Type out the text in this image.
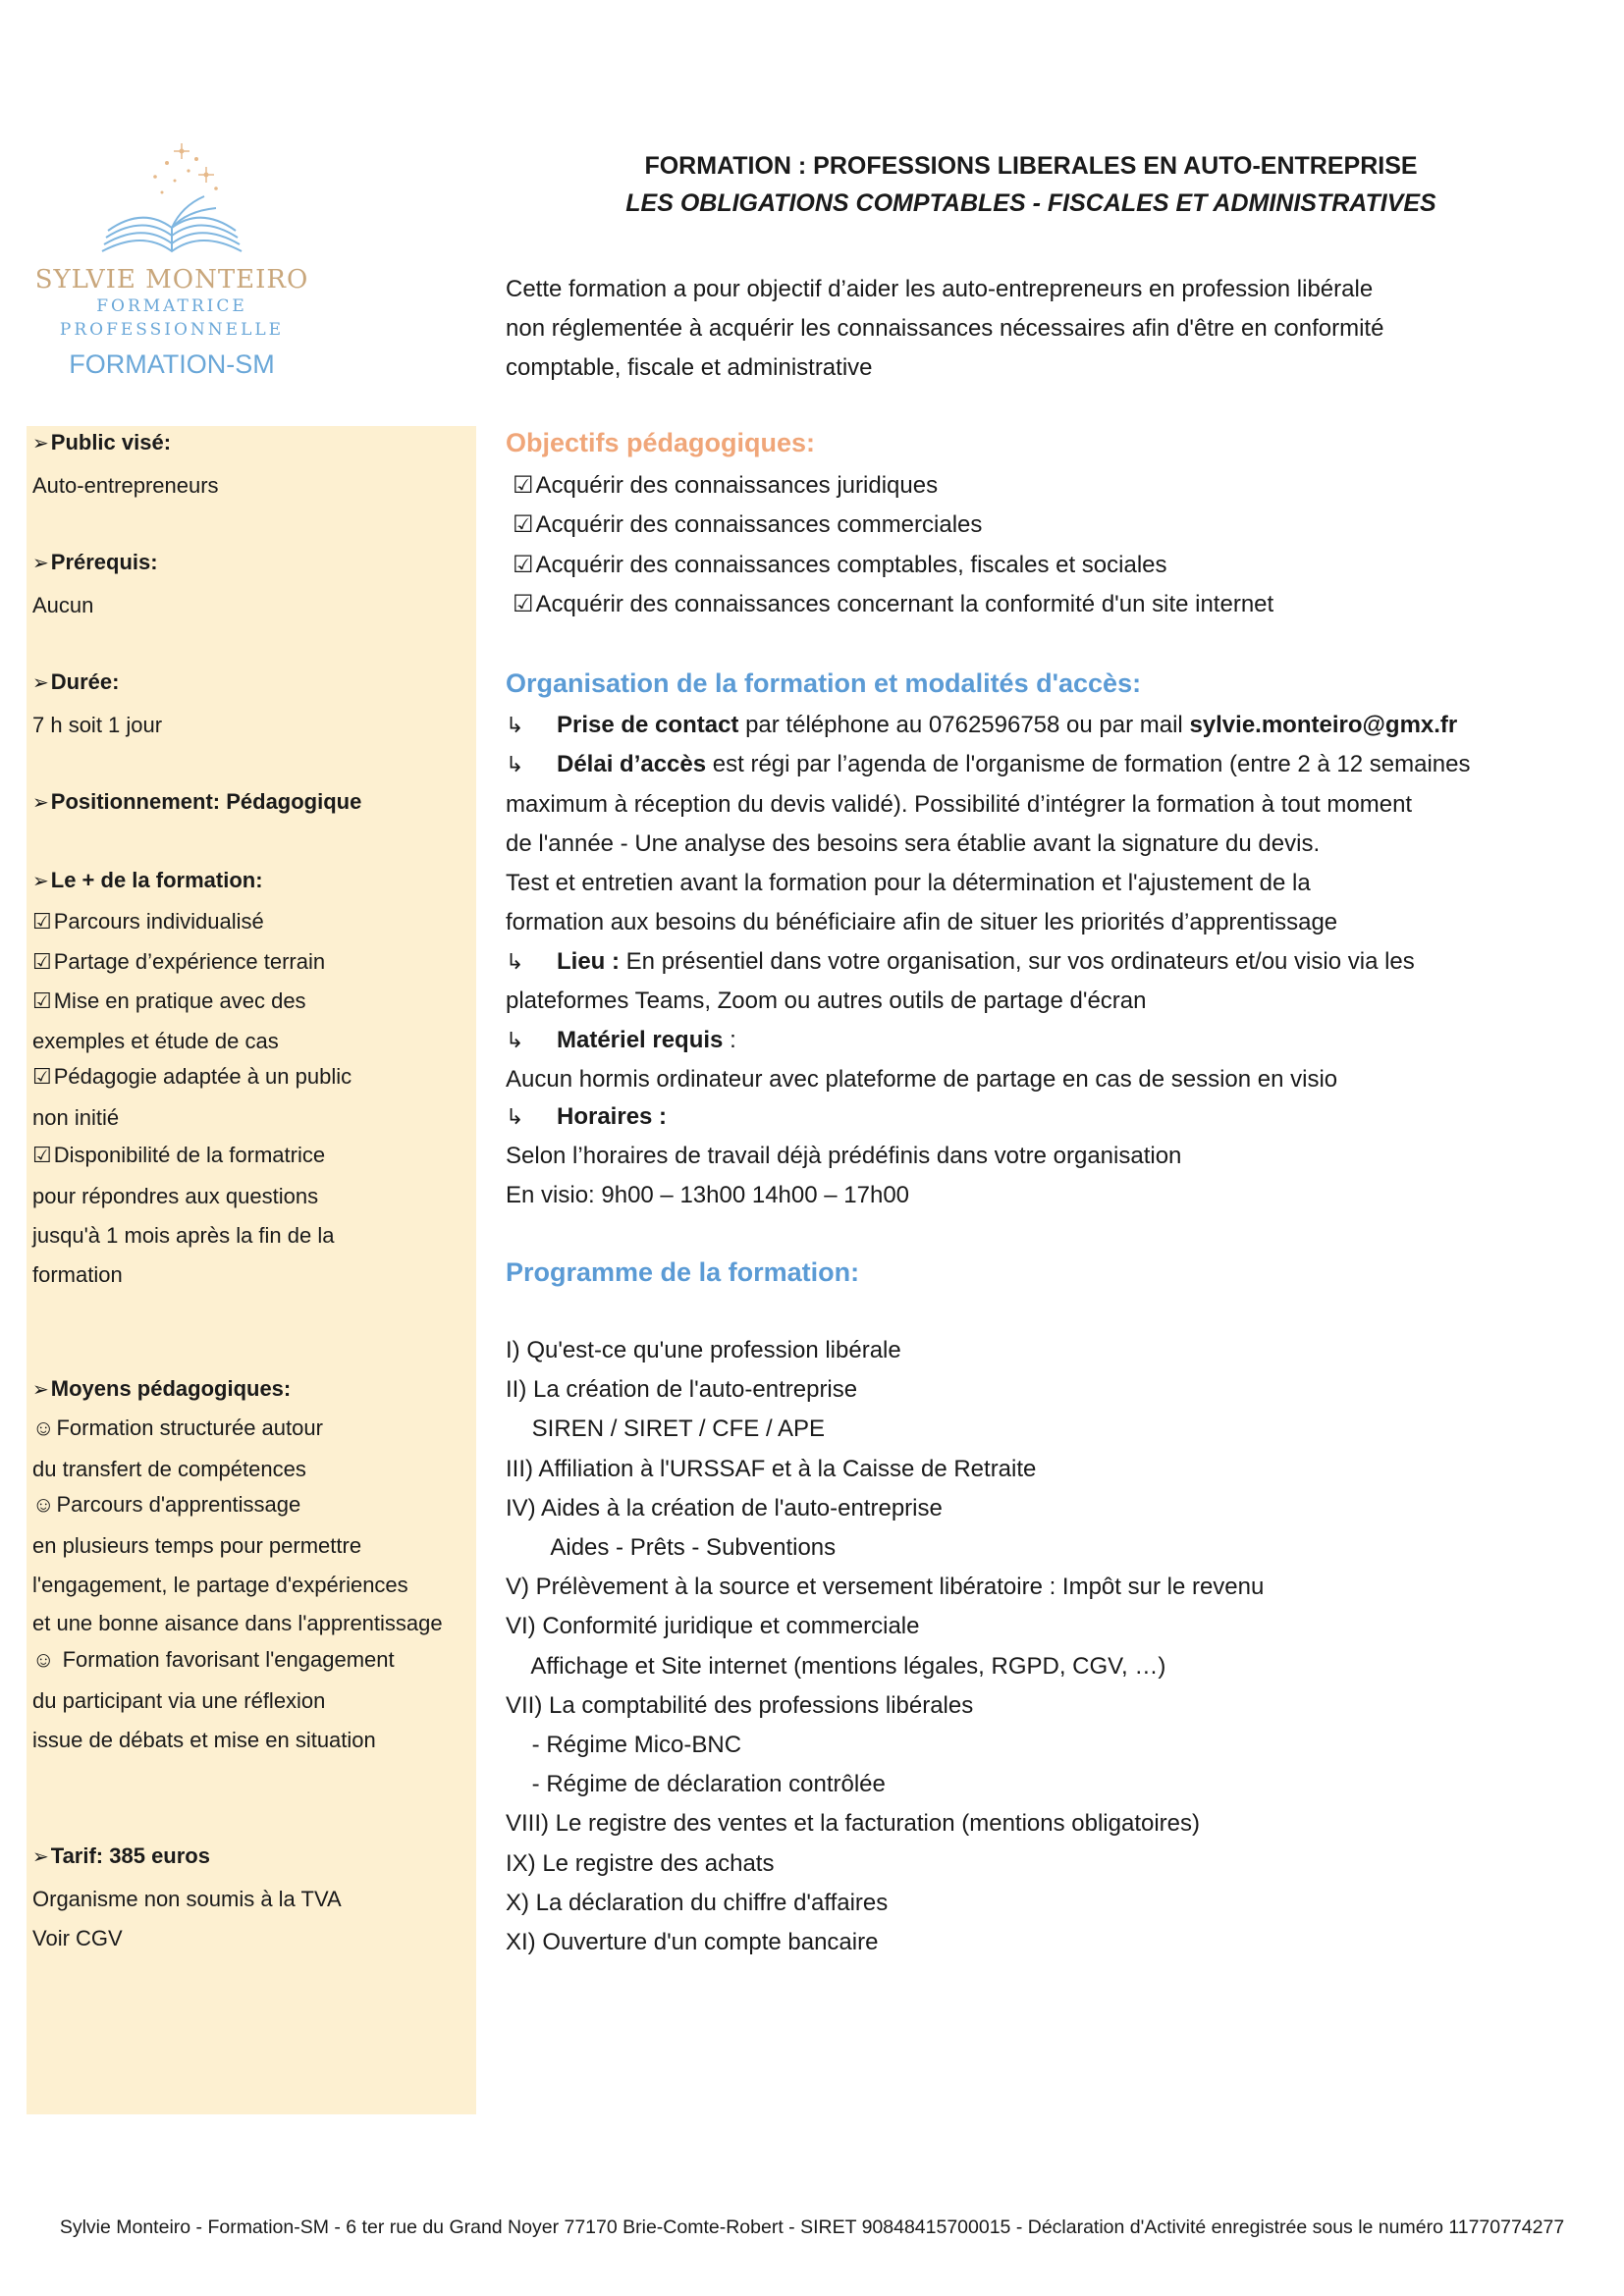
SYLVIE MONTEIRO
FORMATRICE
PROFESSIONNELLE
FORMATION-SM
FORMATION : PROFESSIONS LIBERALES EN AUTO-ENTREPRISE
LES OBLIGATIONS COMPTABLES - FISCALES ET ADMINISTRATIVES
Cette formation a pour objectif d’aider les auto-entrepreneurs en profession libérale
non réglementée à acquérir les connaissances nécessaires afin d'être en conformité
comptable, fiscale et administrative
➢ Public visé:
Auto-entrepreneurs
➢ Prérequis:
Aucun
➢ Durée:
7 h soit 1 jour
➢ Positionnement: Pédagogique
➢ Le + de la formation:
☑ Parcours individualisé
☑ Partage d’expérience terrain
☑ Mise en pratique avec des
exemples et étude de cas
☑ Pédagogie adaptée à un public
non initié
☑ Disponibilité de la formatrice
pour répondres aux questions
jusqu'à 1 mois après la fin de la
formation
➢ Moyens pédagogiques:
☺ Formation structurée autour
du transfert de compétences
☺ Parcours d'apprentissage
en plusieurs temps pour permettre
l'engagement, le partage d'expériences
et une bonne aisance dans l'apprentissage
☺ Formation favorisant l'engagement
du participant via une réflexion
issue de débats et mise en situation
➢ Tarif: 385 euros
Organisme non soumis à la TVA
Voir CGV
Objectifs pédagogiques:
☑ Acquérir des connaissances juridiques
☑ Acquérir des connaissances commerciales
☑ Acquérir des connaissances comptables, fiscales et sociales
☑ Acquérir des connaissances concernant la conformité d'un site internet
Organisation de la formation et modalités d'accès:
↳ Prise de contact par téléphone au 0762596758 ou par mail sylvie.monteiro@gmx.fr
↳ Délai d’accès est régi par l’agenda de l'organisme de formation (entre 2 à 12 semaines
maximum à réception du devis validé). Possibilité d’intégrer la formation à tout moment
de l'année - Une analyse des besoins sera établie avant la signature du devis.
Test et entretien avant la formation pour la détermination et l'ajustement de la
formation aux besoins du bénéficiaire afin de situer les priorités d’apprentissage
↳ Lieu : En présentiel dans votre organisation, sur vos ordinateurs et/ou visio via les
plateformes Teams, Zoom ou autres outils de partage d'écran
↳ Matériel requis :
Aucun hormis ordinateur avec plateforme de partage en cas de session en visio
↳ Horaires :
Selon l’horaires de travail déjà prédéfinis dans votre organisation
En visio: 9h00 – 13h00 14h00 – 17h00
Programme de la formation:
I) Qu'est-ce qu'une profession libérale
II) La création de l'auto-entreprise
SIREN / SIRET / CFE / APE
III) Affiliation à l'URSSAF et à la Caisse de Retraite
IV) Aides à la création de l'auto-entreprise
Aides - Prêts - Subventions
V) Prélèvement à la source et versement libératoire : Impôt sur le revenu
VI) Conformité juridique et commerciale
Affichage et Site internet (mentions légales, RGPD, CGV, …)
VII) La comptabilité des professions libérales
- Régime Mico-BNC
- Régime de déclaration contrôlée
VIII) Le registre des ventes et la facturation (mentions obligatoires)
IX) Le registre des achats
X) La déclaration du chiffre d'affaires
XI) Ouverture d'un compte bancaire
Sylvie Monteiro - Formation-SM - 6 ter rue du Grand Noyer 77170 Brie-Comte-Robert - SIRET 90848415700015 - Déclaration d'Activité enregistrée sous le numéro 11770774277
